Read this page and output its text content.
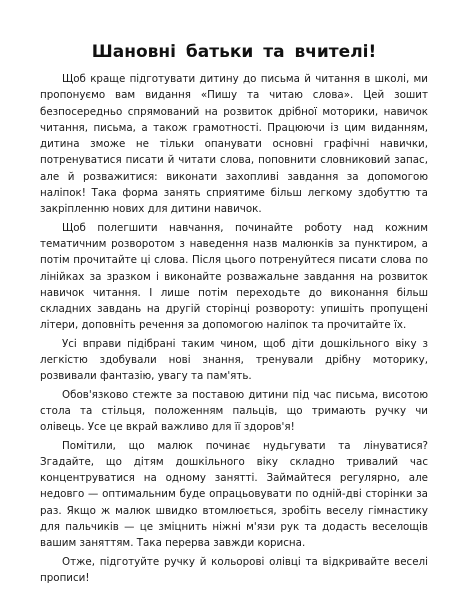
Шановні батьки та вчителі!

Щоб краще підготувати дитину до письма й читання в школі, ми пропонуємо вам видання «Пишу та читаю слова». Цей зошит безпосередньо спрямований на розвиток дрібної моторики, навичок читання, письма, а також грамотності. Працюючи із цим виданням, дитина зможе не тільки опанувати основні графічні навички, потренуватися писати й читати слова, поповнити словниковий запас, але й розважитися: виконати захопливі завдання за допомогою наліпок! Така форма занять сприятиме більш легкому здобуттю та закріпленню нових для дитини навичок.

Щоб полегшити навчання, починайте роботу над кожним тематичним розворотом з наведення назв малюнків за пунктиром, а потім прочитайте ці слова. Після цього потренуйтеся писати слова по лінійках за зразком і виконайте розважальне завдання на розвиток навичок читання. І лише потім переходьте до виконання більш складних завдань на другій сторінці розвороту: упишіть пропущені літери, доповніть речення за допомогою наліпок та прочитайте їх.

Усі вправи підібрані таким чином, щоб діти дошкільного віку з легкістю здобували нові знання, тренували дрібну моторику, розвивали фантазію, увагу та пам'ять.

Обов'язково стежте за поставою дитини під час письма, висотою стола та стільця, положенням пальців, що тримають ручку чи олівець. Усе це вкрай важливо для її здоров'я!

Помітили, що малюк починає нудьгувати та лінуватися? Згадайте, що дітям дошкільного віку складно тривалий час концентруватися на одному занятті. Займайтеся регулярно, але недовго — оптимальним буде опрацьовувати по одній-дві сторінки за раз. Якщо ж малюк швидко втомлюється, зробіть веселу гімнастику для пальчиків — це зміцнить ніжні м'язи рук та додасть веселощів вашим заняттям. Така перерва завжди корисна.

Отже, підготуйте ручку й кольорові олівці та відкривайте веселі прописи!
